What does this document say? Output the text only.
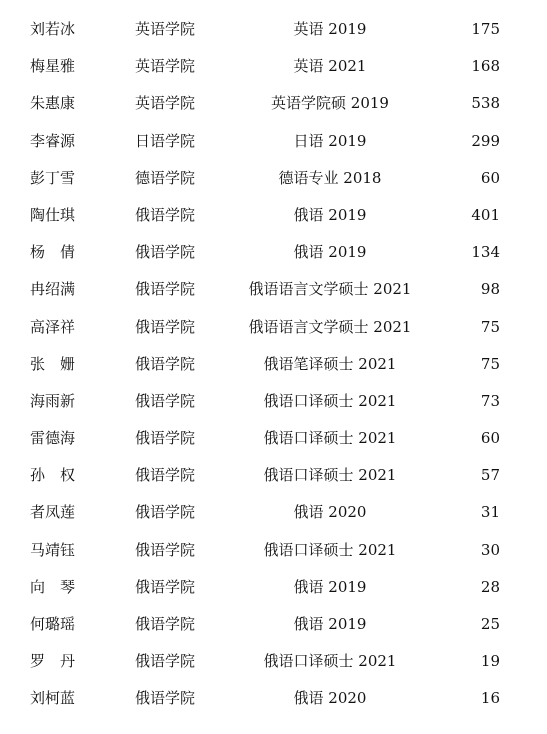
刘若冰	英语学院	英语 2019	175
梅星雅	英语学院	英语 2021	168
朱惠康	英语学院	英语学院硕 2019	538
李睿源	日语学院	日语 2019	299
彭丁雪	德语学院	德语专业 2018	60
陶仕琪	俄语学院	俄语 2019	401
杨　倩	俄语学院	俄语 2019	134
冉绍满	俄语学院	俄语语言文学硕士 2021	98
高泽祥	俄语学院	俄语语言文学硕士 2021	75
张　姗	俄语学院	俄语笔译硕士 2021	75
海雨新	俄语学院	俄语口译硕士 2021	73
雷德海	俄语学院	俄语口译硕士 2021	60
孙　权	俄语学院	俄语口译硕士 2021	57
者凤莲	俄语学院	俄语 2020	31
马靖钰	俄语学院	俄语口译硕士 2021	30
向　琴	俄语学院	俄语 2019	28
何璐瑶	俄语学院	俄语 2019	25
罗　丹	俄语学院	俄语口译硕士 2021	19
刘柯蓝	俄语学院	俄语 2020	16
